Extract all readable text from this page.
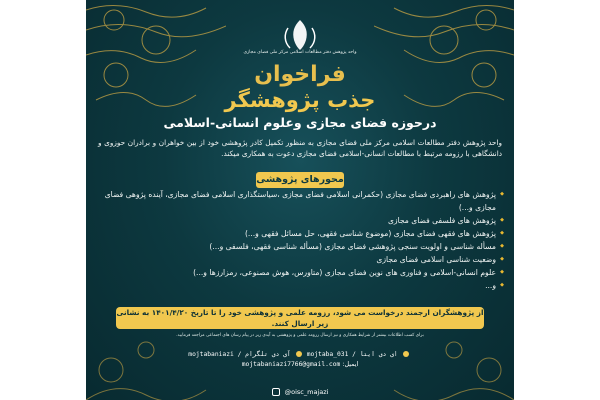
واحد پژوهش دفتر مطالعات اسلامی مرکز ملی فضای مجازی
فراخوان
جذب پژوهشگر
درحوزه فضای مجازی وعلوم انسانی-اسلامی
واحد پژوهش دفتر مطالعات اسلامی مرکز ملی فضای مجازی به منظور تکمیل کادر پژوهشی خود از بین خواهران و برادران حوزوی و دانشگاهی با رزومه مرتبط با مطالعات انسانی-اسلامی فضای مجازی دعوت به همکاری میکند.
محورهای پژوهشی
◆ پژوهش های راهبردی فضای مجازی (حکمرانی اسلامی فضای مجازی ،سیاستگذاری اسلامی فضای مجازی، آینده پژوهی فضای مجازی و...)
◆ پژوهش های فلسفی فضای مجازی
◆ پژوهش های فقهی فضای مجازی (موضوع شناسی فقهی، حل مسائل فقهی و...)
◆ مسأله شناسی و اولویت سنجی پژوهشی فضای مجازی (مسأله شناسی فقهی، فلسفی و...)
◆ وضعیت شناسی اسلامی فضای مجازی
◆ علوم انسانی-اسلامی و فناوری های نوین فضای مجازی (متاورس، هوش مصنوعی، رمزارزها و...)
◆ و...
از پژوهشگران ارجمند درخواست می شود، رزومه علمی و پژوهشی خود را تا تاریخ ۱۴۰۱/۴/۲۰ به نشانی زیر ارسال کنند.
برای کسب اطلاعات بیشتر از شرایط همکاری و نیز ارسال رزومه علمی و پژوهشی به آیدی زیر در پیام رسان های اجتماعی مراجعه فرمایید.
ای دی ایتا / mojtaba_031  آی دی تلگرام / mojtabaniazi
ایمیل: mojtabaniazi7766@gmail.com
@oisc_majazi
